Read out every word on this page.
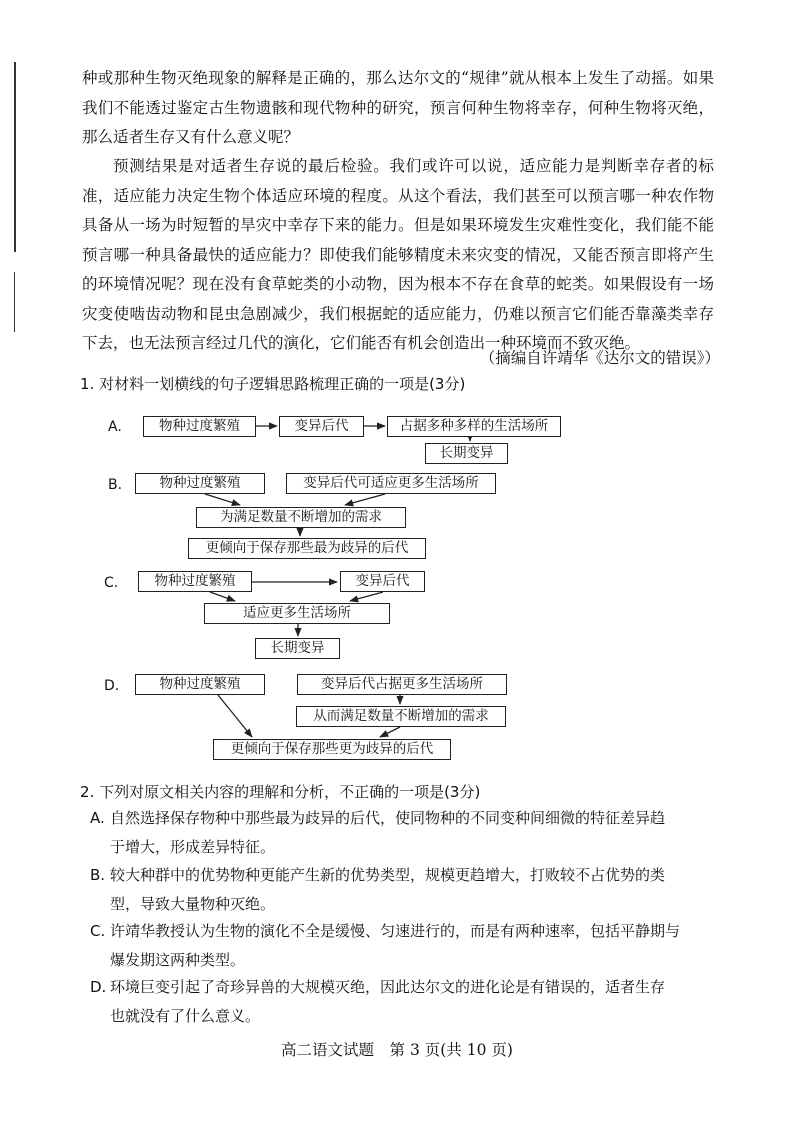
种或那种生物灭绝现象的解释是正确的，那么达尔文的“规律”就从根本上发生了动摇。如果我们不能透过鉴定古生物遗骸和现代物种的研究，预言何种生物将幸存，何种生物将灭绝，那么适者生存又有什么意义呢？

预测结果是对适者生存说的最后检验。我们或许可以说，适应能力是判断幸存者的标准，适应能力决定生物个体适应环境的程度。从这个看法，我们甚至可以预言哪一种农作物具备从一场为时短暂的旱灾中幸存下来的能力。但是如果环境发生灾难性变化，我们能不能预言哪一种具备最快的适应能力？即使我们能够精度未来灾变的情况，又能否预言即将产生的环境情况呢？现在没有食草蛇类的小动物，因为根本不存在食草的蛇类。如果假设有一场灾变使啮齿动物和昆虫急剧减少，我们根据蛇的适应能力，仍难以预言它们能否靠藻类幸存下去，也无法预言经过几代的演化，它们能否有机会创造出一种环境而不致灭绝。

（摘编自许靖华《达尔文的错误》）

1. 对材料一划横线的句子逻辑思路梳理正确的一项是(3分)

A.	物种过度繁殖	变异后代	占据多种多样的生活场所
长期变异
B.	物种过度繁殖	变异后代可适应更多生活场所
为满足数量不断增加的需求
更倾向于保存那些最为歧异的后代
C.	物种过度繁殖	变异后代
适应更多生活场所
长期变异
D.	物种过度繁殖	变异后代占据更多生活场所
从而满足数量不断增加的需求
更倾向于保存那些更为歧异的后代

2. 下列对原文相关内容的理解和分析，不正确的一项是(3分)

A. 自然选择保存物种中那些最为歧异的后代，使同物种的不同变种间细微的特征差异趋
于增大，形成差异特征。
B. 较大种群中的优势物种更能产生新的优势类型，规模更趋增大，打败较不占优势的类
型，导致大量物种灭绝。
C. 许靖华教授认为生物的演化不全是缓慢、匀速进行的，而是有两种速率，包括平静期与
爆发期这两种类型。
D. 环境巨变引起了奇珍异兽的大规模灭绝，因此达尔文的进化论是有错误的，适者生存
也就没有了什么意义。
高二语文试题　第 3 页(共 10 页)
